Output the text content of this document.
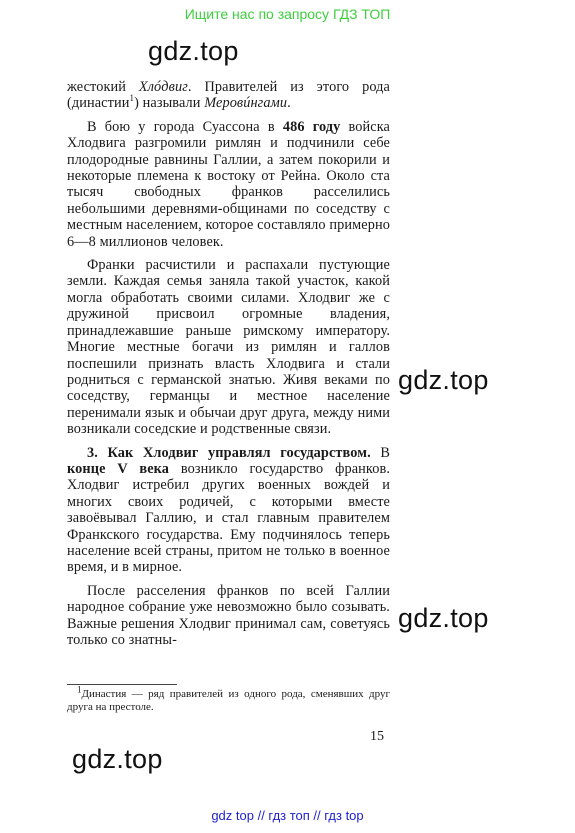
Ищите нас по запросу ГДЗ ТОП
gdz.top
gdz.top
gdz.top
gdz.top

жестокий Хлóдвиг. Правителей из этого рода (династии$^1$) называли Меровúнгами.

В бою у города Суассона в 486 году войска Хлодвига разгромили римлян и подчинили себе плодородные равнины Галлии, а затем покорили и некоторые племена к востоку от Рейна. Около ста тысяч свободных франков расселились небольшими деревнями-общинами по соседству с местным населением, которое составляло примерно 6—8 миллионов человек.

Франки расчистили и распахали пустующие земли. Каждая семья заняла такой участок, какой могла обработать своими силами. Хлодвиг же с дружиной присвоил огромные владения, принадлежавшие раньше римскому императору. Многие местные богачи из римлян и галлов поспешили признать власть Хлодвига и стали родниться с германской знатью. Живя веками по соседству, германцы и местное население перенимали язык и обычаи друг друга, между ними возникали соседские и родственные связи.

3. Как Хлодвиг управлял государством. В конце V века возникло государство франков. Хлодвиг истребил других военных вождей и многих своих родичей, с которыми вместе завоёвывал Галлию, и стал главным правителем Франкского государства. Ему подчинялось теперь население всей страны, притом не только в военное время, и в мирное.

После расселения франков по всей Галлии народное собрание уже невозможно было созывать. Важные решения Хлодвиг принимал сам, советуясь только со знатны-

$^1$Династия — ряд правителей из одного рода, сменявших друг друга на престоле.
15
gdz top // гдз топ // гдз top
